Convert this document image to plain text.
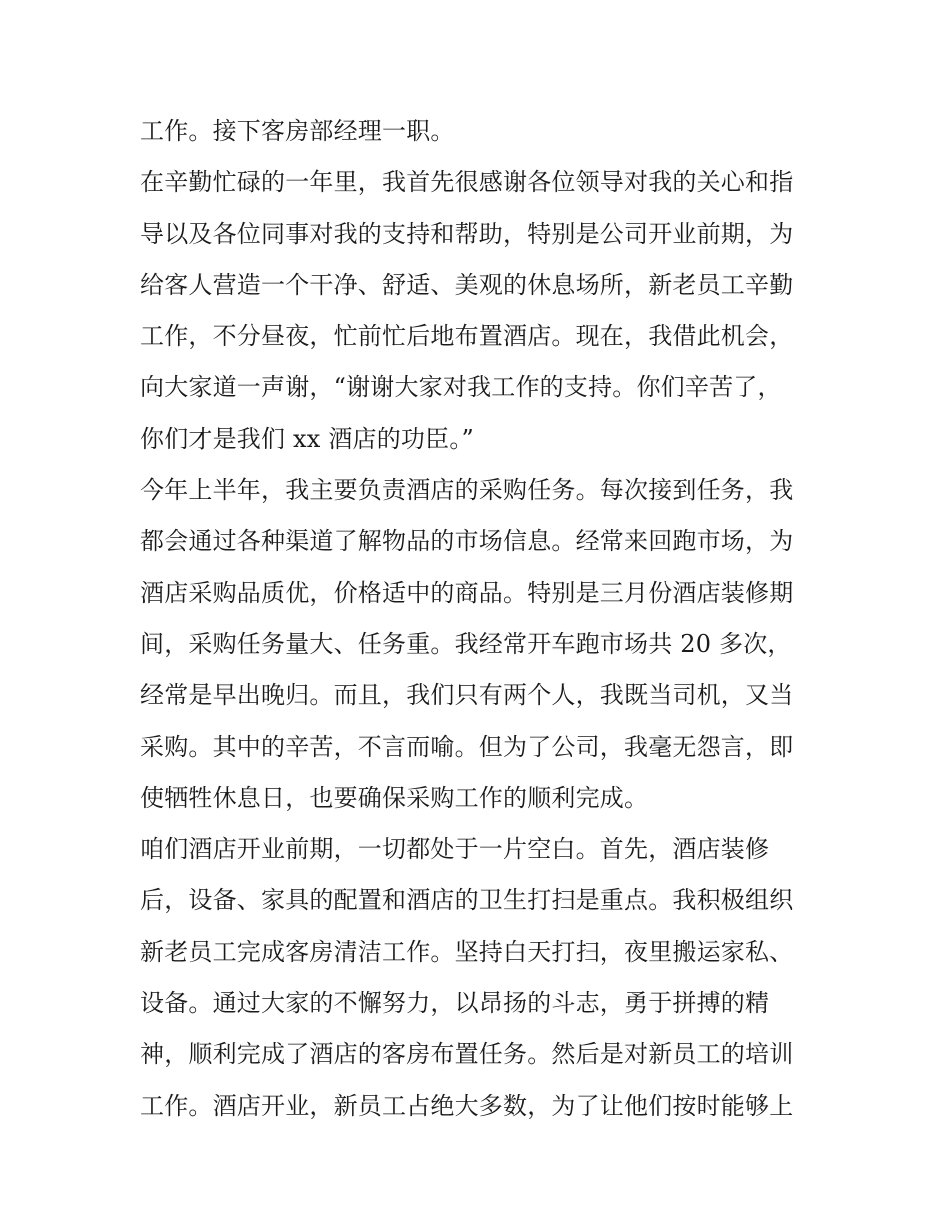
工作。接下客房部经理一职。
在辛勤忙碌的一年里，我首先很感谢各位领导对我的关心和指
导以及各位同事对我的支持和帮助，特别是公司开业前期，为
给客人营造一个干净、舒适、美观的休息场所，新老员工辛勤
工作，不分昼夜，忙前忙后地布置酒店。现在，我借此机会，
向大家道一声谢，“谢谢大家对我工作的支持。你们辛苦了，
你们才是我们 xx 酒店的功臣。”
今年上半年，我主要负责酒店的采购任务。每次接到任务，我
都会通过各种渠道了解物品的市场信息。经常来回跑市场，为
酒店采购品质优，价格适中的商品。特别是三月份酒店装修期
间，采购任务量大、任务重。我经常开车跑市场共 20 多次，
经常是早出晚归。而且，我们只有两个人，我既当司机，又当
采购。其中的辛苦，不言而喻。但为了公司，我毫无怨言，即
使牺牲休息日，也要确保采购工作的顺利完成。
咱们酒店开业前期，一切都处于一片空白。首先，酒店装修
后，设备、家具的配置和酒店的卫生打扫是重点。我积极组织
新老员工完成客房清洁工作。坚持白天打扫，夜里搬运家私、
设备。通过大家的不懈努力，以昂扬的斗志，勇于拼搏的精
神，顺利完成了酒店的客房布置任务。然后是对新员工的培训
工作。酒店开业，新员工占绝大多数，为了让他们按时能够上
